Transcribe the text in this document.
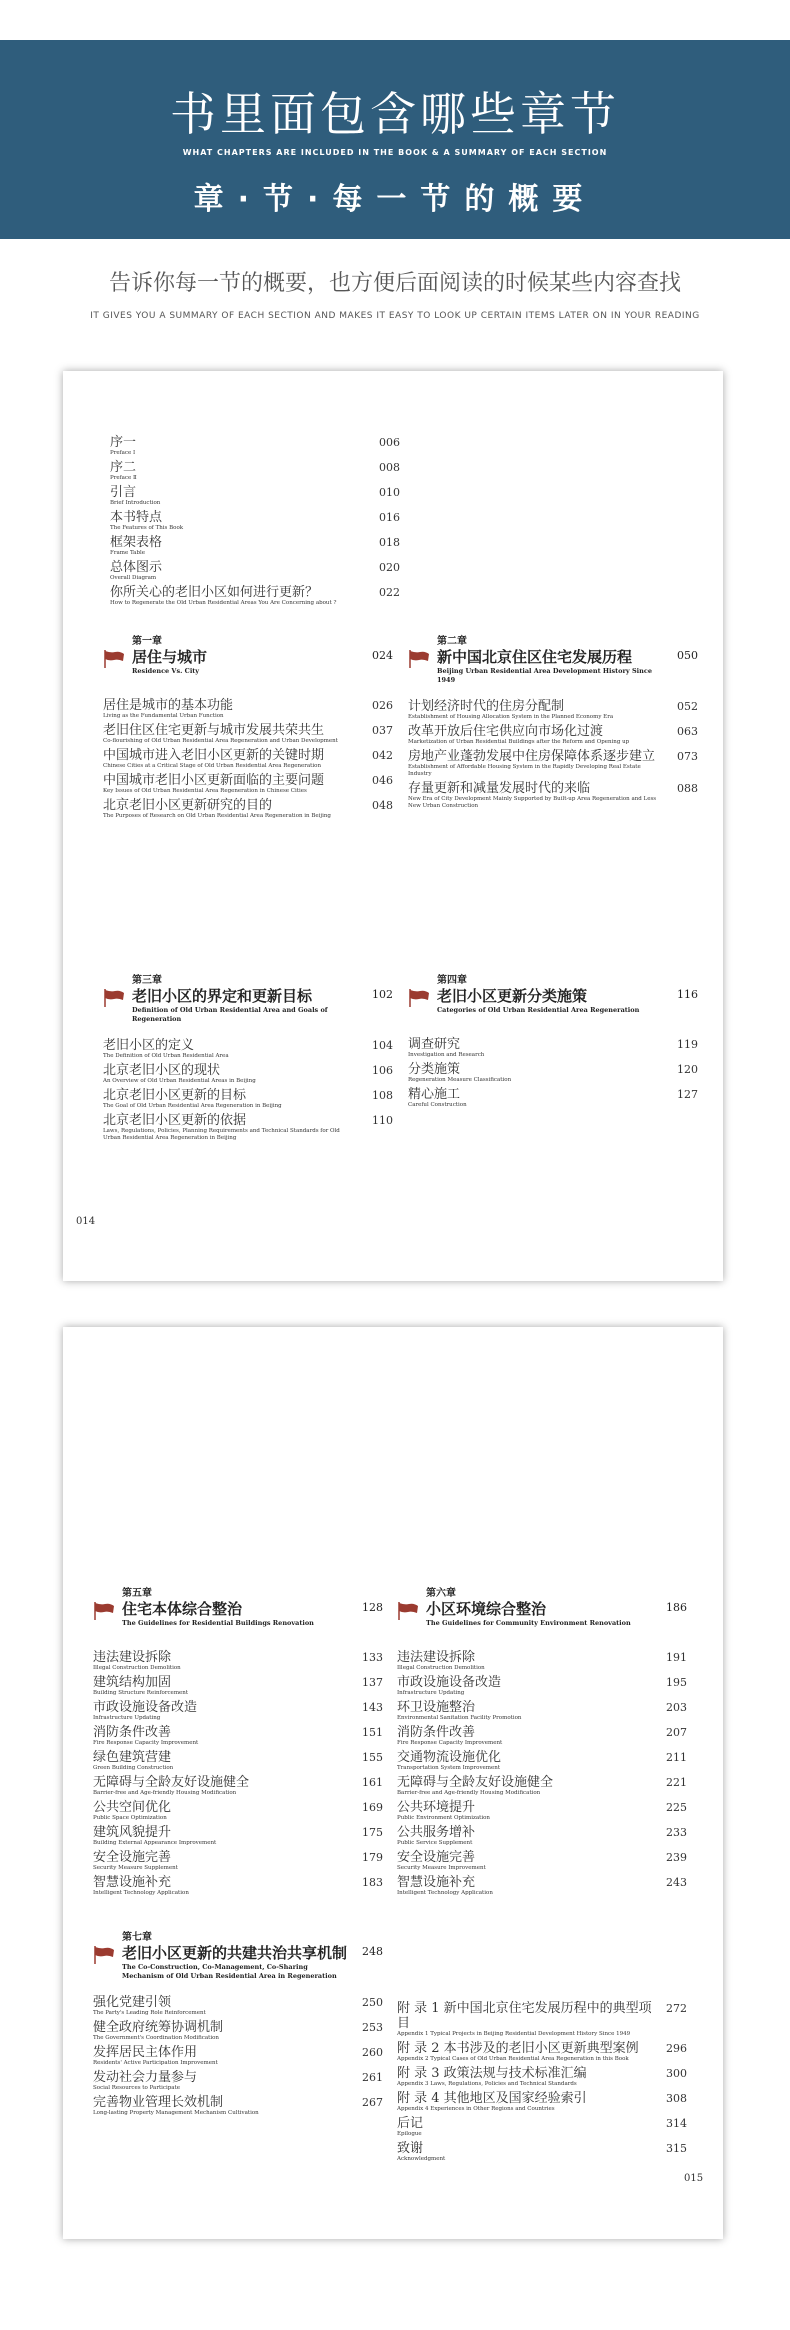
书里面包含哪些章节
WHAT CHAPTERS ARE INCLUDED IN THE BOOK & A SUMMARY OF EACH SECTION
章·节·每一节的概要
告诉你每一节的概要，也方便后面阅读的时候某些内容查找
IT GIVES YOU A SUMMARY OF EACH SECTION AND MAKES IT EASY TO LOOK UP CERTAIN ITEMS LATER ON IN YOUR READING
序一
Preface Ⅰ
006
序二
Preface Ⅱ
008
引言
Brief Introduction
010
本书特点
The Features of This Book
016
框架表格
Frame Table
018
总体图示
Overall Diagram
020
你所关心的老旧小区如何进行更新？
How to Regenerate the Old Urban Residential Areas You Are Concerning about ?
022
第一章
居住与城市
Residence Vs. City
024
居住是城市的基本功能
Living as the Fundamental Urban Function
026
老旧住区住宅更新与城市发展共荣共生
Co-flourishing of Old Urban Residential Area Regeneration and Urban Development
037
中国城市进入老旧小区更新的关键时期
Chinese Cities at a Critical Stage of Old Urban Residential Area Regeneration
042
中国城市老旧小区更新面临的主要问题
Key Issues of Old Urban Residential Area Regeneration in Chinese Cities
046
北京老旧小区更新研究的目的
The Purposes of Research on Old Urban Residential Area Regeneration in Beijing
048
第二章
新中国北京住区住宅发展历程
Beijing Urban Residential Area Development History Since 1949
050
计划经济时代的住房分配制
Establishment of Housing Allocation System in the Planned Economy Era
052
改革开放后住宅供应向市场化过渡
Marketization of Urban Residential Buildings after the Reform and Opening up
063
房地产业蓬勃发展中住房保障体系逐步建立
Establishment of Affordable Housing System in the Rapidly Developing Real Estate Industry
073
存量更新和减量发展时代的来临
New Era of City Development Mainly Supported by Built-up Area Regeneration and Less New Urban Construction
088
第三章
老旧小区的界定和更新目标
Definition of Old Urban Residential Area and Goals of Regeneration
102
老旧小区的定义
The Definition of Old Urban Residential Area
104
北京老旧小区的现状
An Overview of Old Urban Residential Areas in Beijing
106
北京老旧小区更新的目标
The Goal of Old Urban Residential Area Regeneration in Beijing
108
北京老旧小区更新的依据
Laws, Regulations, Policies, Planning Requirements and Technical Standards for Old Urban Residential Area Regeneration in Beijing
110
第四章
老旧小区更新分类施策
Categories of Old Urban Residential Area Regeneration
116
调查研究
Investigation and Research
119
分类施策
Regeneration Measure Classification
120
精心施工
Careful Construction
127
014
第五章
住宅本体综合整治
The Guidelines for Residential Buildings Renovation
128
违法建设拆除
Illegal Construction Demolition
133
建筑结构加固
Building Structure Reinforcement
137
市政设施设备改造
Infrastructure Updating
143
消防条件改善
Fire Response Capacity Improvement
151
绿色建筑营建
Green Building Construction
155
无障碍与全龄友好设施健全
Barrier-free and Age-friendly Housing Modification
161
公共空间优化
Public Space Optimization
169
建筑风貌提升
Building External Appearance Improvement
175
安全设施完善
Security Measure Supplement
179
智慧设施补充
Intelligent Technology Application
183
第六章
小区环境综合整治
The Guidelines for Community Environment Renovation
186
违法建设拆除
Illegal Construction Demolition
191
市政设施设备改造
Infrastructure Updating
195
环卫设施整治
Environmental Sanitation Facility Promotion
203
消防条件改善
Fire Response Capacity Improvement
207
交通物流设施优化
Transportation System Improvement
211
无障碍与全龄友好设施健全
Barrier-free and Age-friendly Housing Modification
221
公共环境提升
Public Environment Optimization
225
公共服务增补
Public Service Supplement
233
安全设施完善
Security Measure Improvement
239
智慧设施补充
Intelligent Technology Application
243
第七章
老旧小区更新的共建共治共享机制
The Co-Construction, Co-Management, Co-Sharing Mechanism of Old Urban Residential Area in Regeneration
248
强化党建引领
The Party's Leading Role Reinforcement
250
健全政府统筹协调机制
The Government's Coordination Modification
253
发挥居民主体作用
Residents' Active Participation Improvement
260
发动社会力量参与
Social Resources to Participate
261
完善物业管理长效机制
Long-lasting Property Management Mechanism Cultivation
267
附 录 1 新中国北京住宅发展历程中的典型项目
Appendix 1 Typical Projects in Beijing Residential Development History Since 1949
272
附 录 2 本书涉及的老旧小区更新典型案例
Appendix 2 Typical Cases of Old Urban Residential Area Regeneration in this Book
296
附 录 3 政策法规与技术标准汇编
Appendix 3 Laws, Regulations, Policies and Technical Standards
300
附 录 4 其他地区及国家经验索引
Appendix 4 Experiences in Other Regions and Countries
308
后记
Epilogue
314
致谢
Acknowledgment
315
015
